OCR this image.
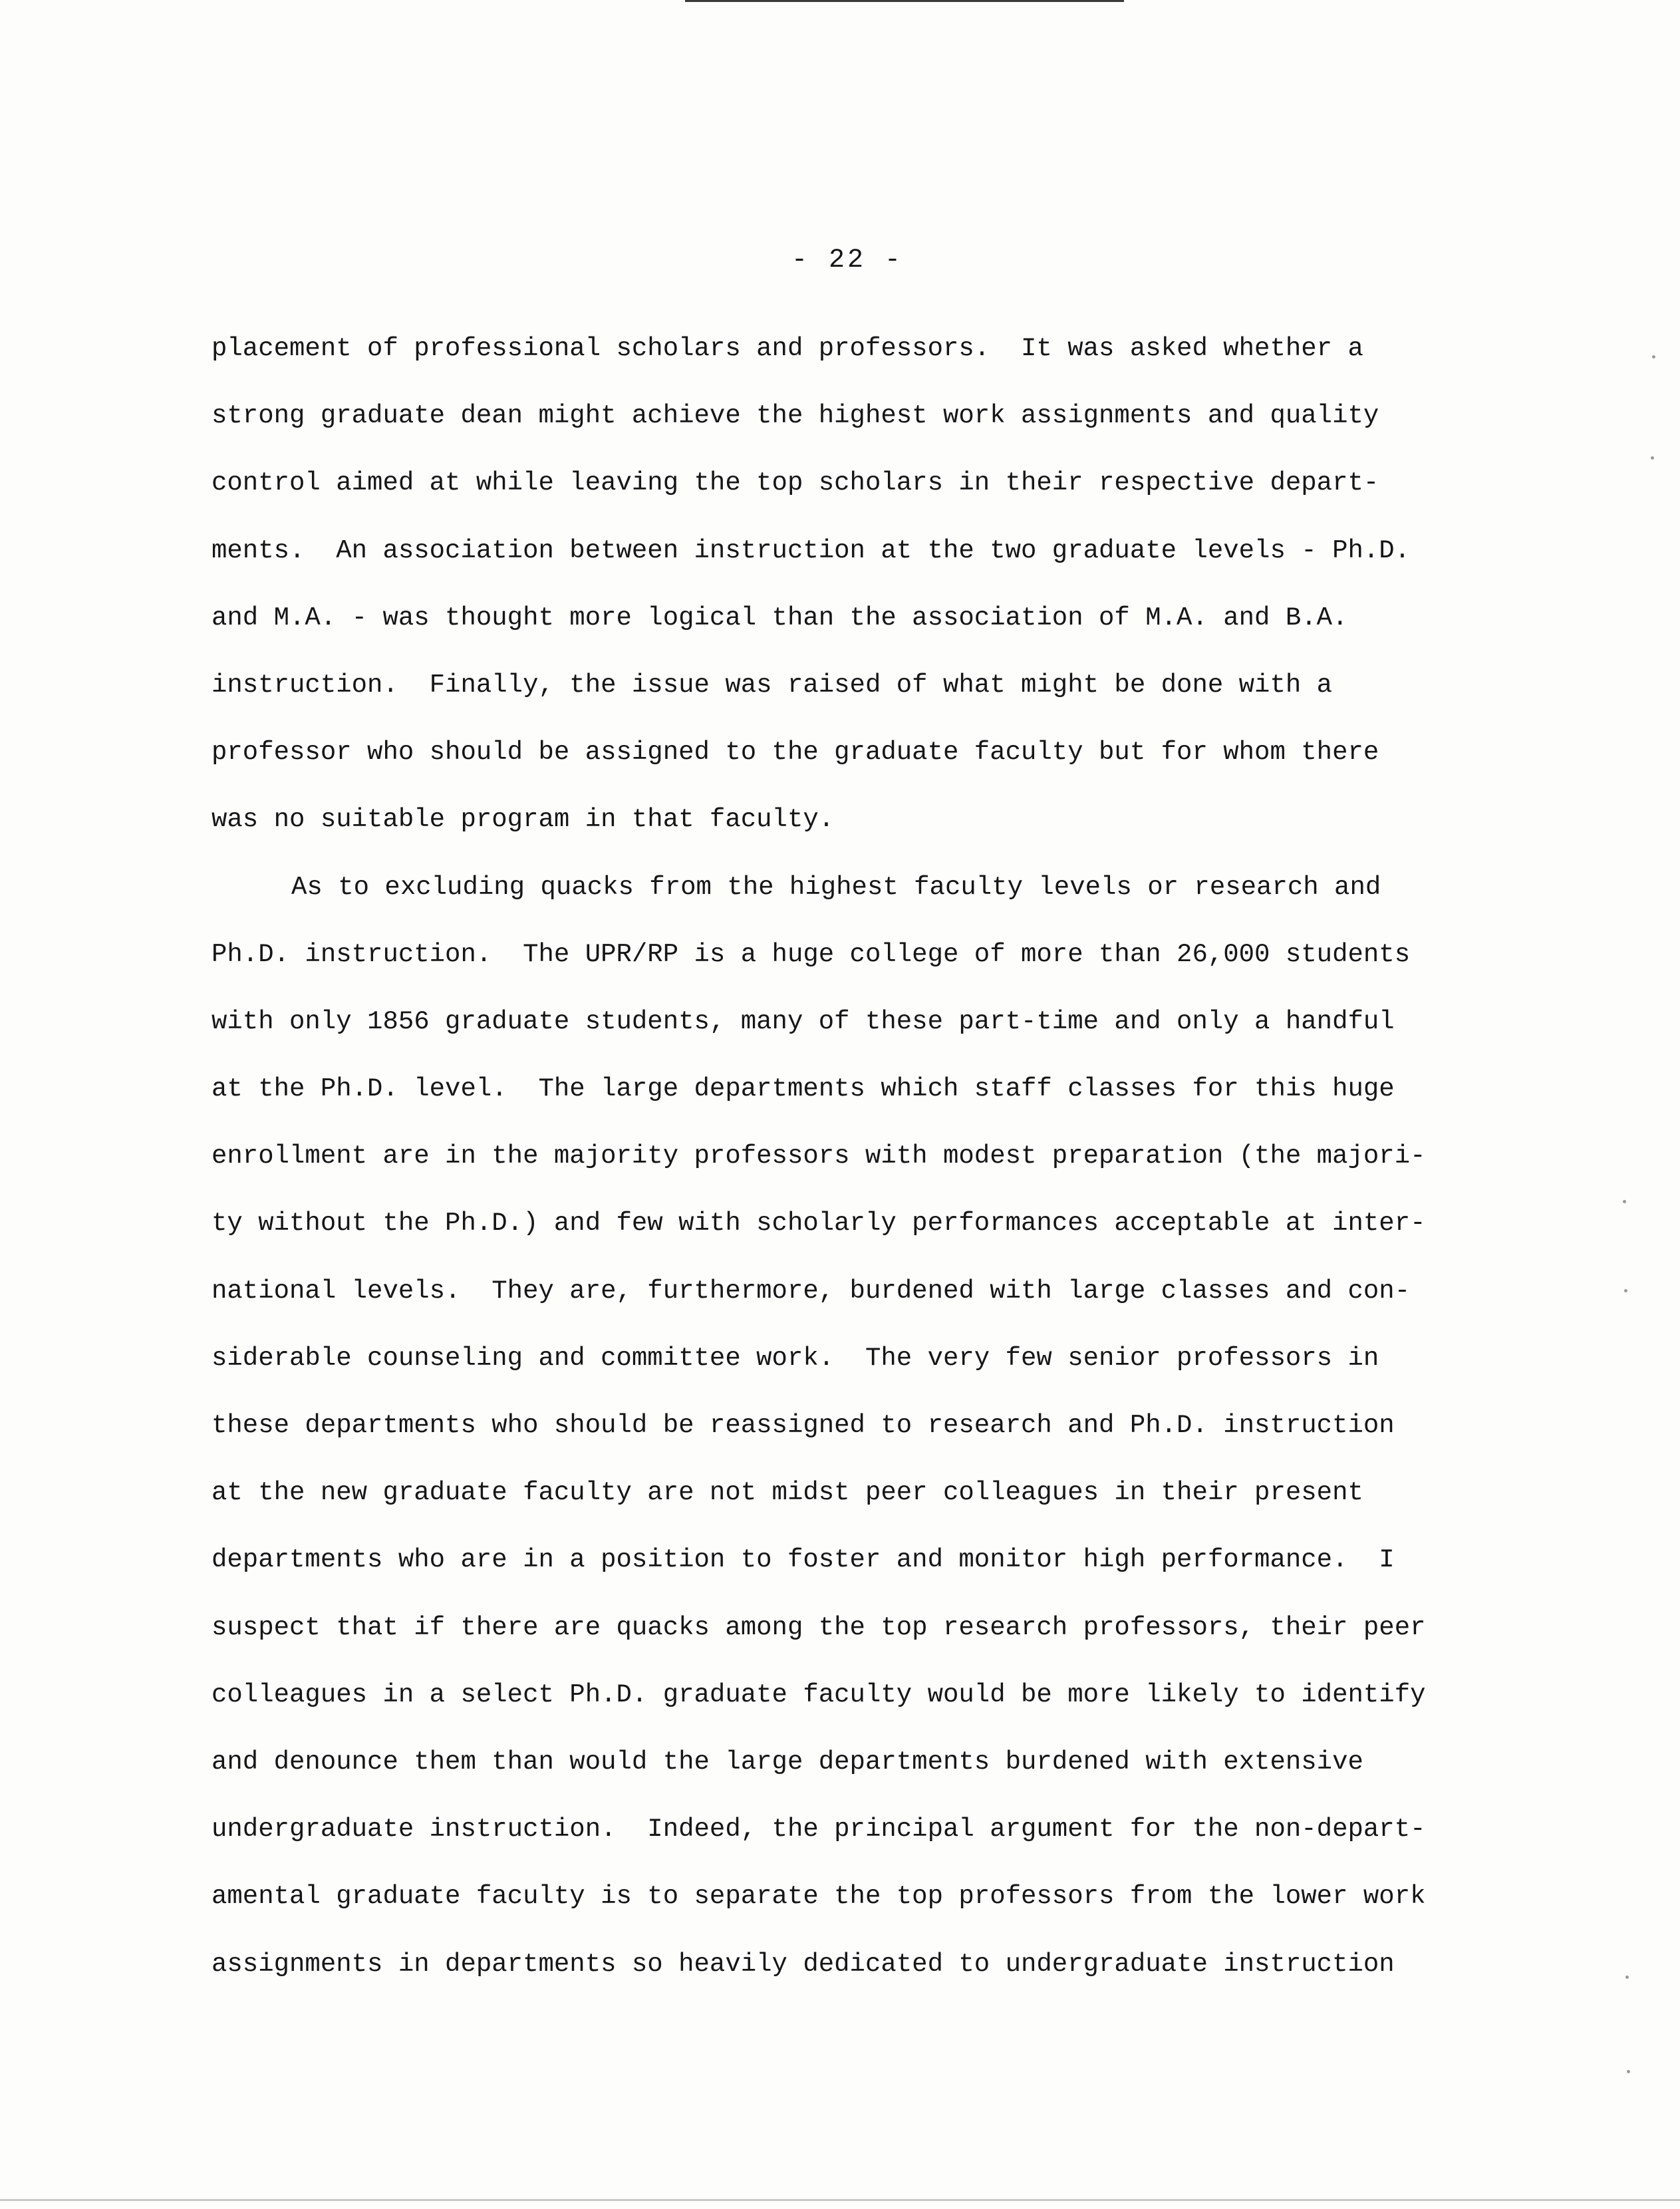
- 22 -
placement of professional scholars and professors.  It was asked whether a
strong graduate dean might achieve the highest work assignments and quality
control aimed at while leaving the top scholars in their respective depart-
ments.  An association between instruction at the two graduate levels - Ph.D.
and M.A. - was thought more logical than the association of M.A. and B.A.
instruction.  Finally, the issue was raised of what might be done with a
professor who should be assigned to the graduate faculty but for whom there
was no suitable program in that faculty.
As to excluding quacks from the highest faculty levels or research and
Ph.D. instruction.  The UPR/RP is a huge college of more than 26,000 students
with only 1856 graduate students, many of these part-time and only a handful
at the Ph.D. level.  The large departments which staff classes for this huge
enrollment are in the majority professors with modest preparation (the majori-
ty without the Ph.D.) and few with scholarly performances acceptable at inter-
national levels.  They are, furthermore, burdened with large classes and con-
siderable counseling and committee work.  The very few senior professors in
these departments who should be reassigned to research and Ph.D. instruction
at the new graduate faculty are not midst peer colleagues in their present
departments who are in a position to foster and monitor high performance.  I
suspect that if there are quacks among the top research professors, their peer
colleagues in a select Ph.D. graduate faculty would be more likely to identify
and denounce them than would the large departments burdened with extensive
undergraduate instruction.  Indeed, the principal argument for the non-depart-
amental graduate faculty is to separate the top professors from the lower work
assignments in departments so heavily dedicated to undergraduate instruction
